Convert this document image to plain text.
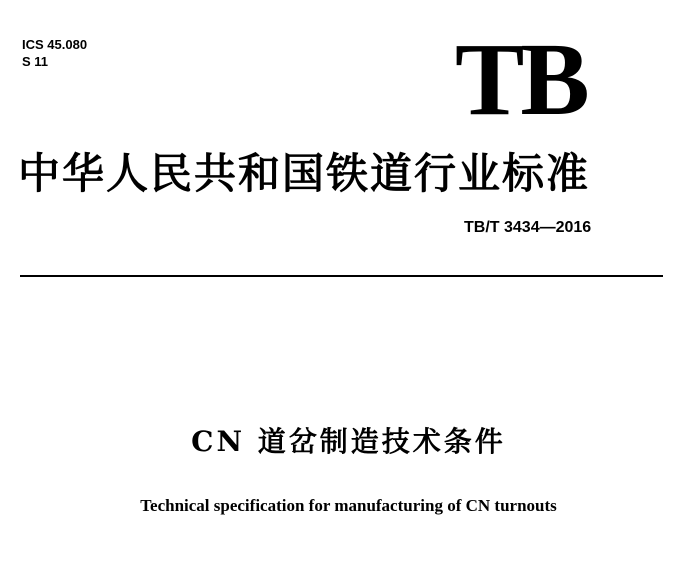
ICS 45.080
S 11	TB
中华人民共和国铁道行业标准
TB/T 3434—2016
CN 道岔制造技术条件
Technical specification for manufacturing of CN turnouts
